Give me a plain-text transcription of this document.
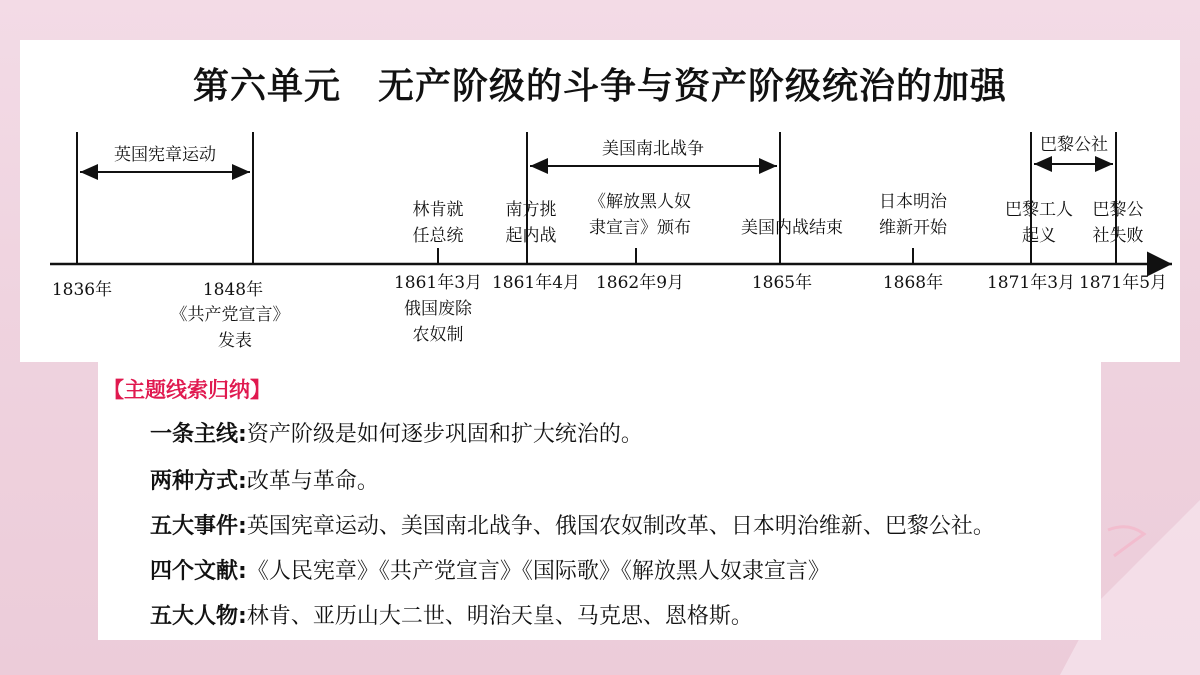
第六单元　无产阶级的斗争与资产阶级统治的加强
英国宪章运动	美国南北战争	巴黎公社
林肯就
任总统
南方挑
起内战
《解放黑人奴
隶宣言》颁布	美国内战结束
日本明治
维新开始
巴黎工人
起义
巴黎公
社失败
1836年	1848年	1861年3月 1861年4月 1862年9月	1865年	1868年	1871年3月 1871年5月
《共产党宣言》
发表
俄国废除
农奴制
【主题线索归纳】
一条主线:资产阶级是如何逐步巩固和扩大统治的。
两种方式:改革与革命。
五大事件:英国宪章运动、美国南北战争、俄国农奴制改革、日本明治维新、巴黎公社。
四个文献:《人民宪章》《共产党宣言》《国际歌》《解放黑人奴隶宣言》
五大人物:林肯、亚历山大二世、明治天皇、马克思、恩格斯。
